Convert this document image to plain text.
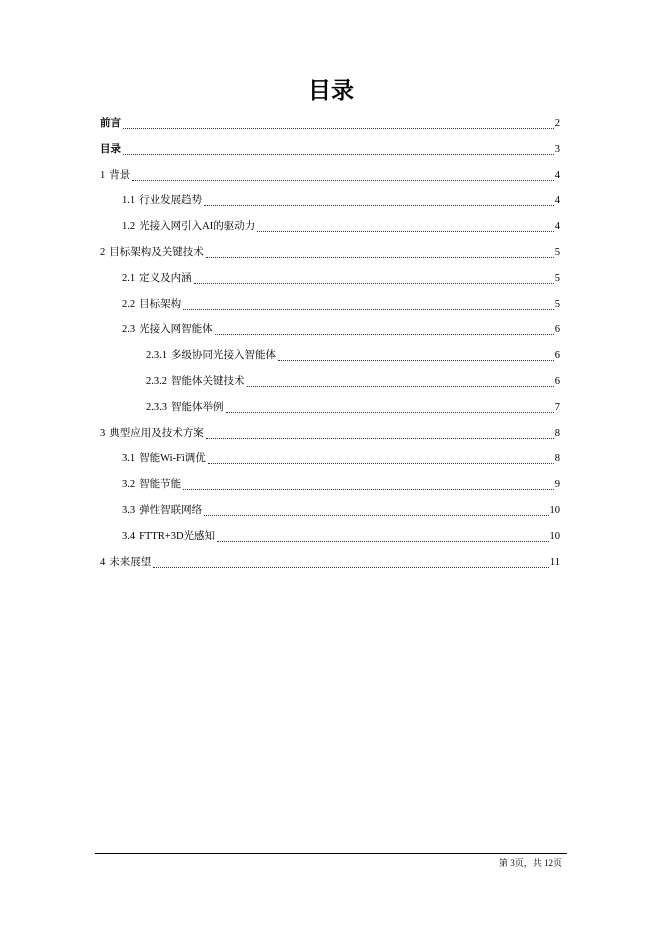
目录
前言	2
目录	3
1 背景	4
1.1 行业发展趋势	4
1.2 光接入网引入AI的驱动力	4
2 目标架构及关键技术	5
2.1 定义及内涵	5
2.2 目标架构	5
2.3 光接入网智能体	6
2.3.1 多级协同光接入智能体	6
2.3.2 智能体关键技术	6
2.3.3 智能体举例	7
3 典型应用及技术方案	8
3.1 智能Wi-Fi调优	8
3.2 智能节能	9
3.3 弹性智联网络	10
3.4 FTTR+3D光感知	10
4 未来展望	11
第 3页，共 12页
